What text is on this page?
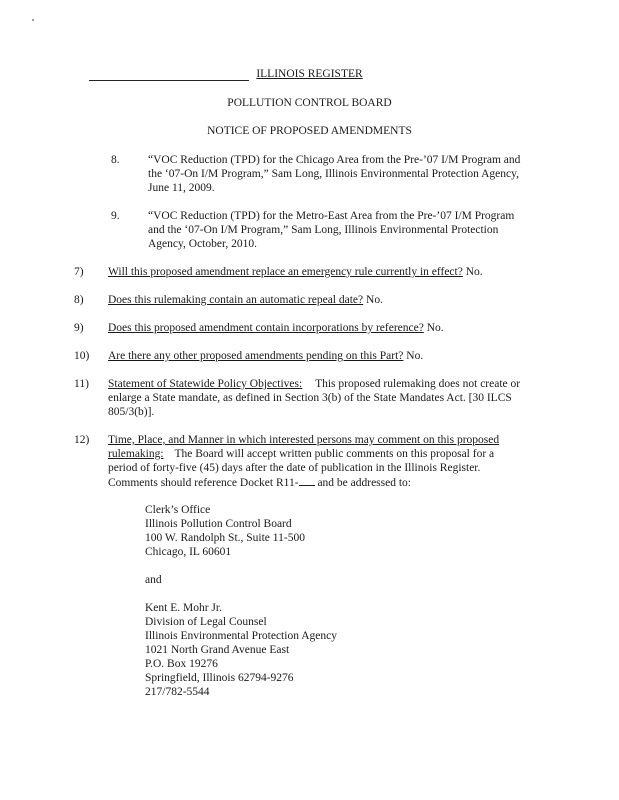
ILLINOIS REGISTER
POLLUTION CONTROL BOARD
NOTICE OF PROPOSED AMENDMENTS
8. “VOC Reduction (TPD) for the Chicago Area from the Pre-’07 I/M Program and
the ‘07-On I/M Program,” Sam Long, Illinois Environmental Protection Agency,
June 11, 2009.
9. “VOC Reduction (TPD) for the Metro-East Area from the Pre-’07 I/M Program
and the ‘07-On I/M Program,” Sam Long, Illinois Environmental Protection
Agency, October, 2010.
7) Will this proposed amendment replace an emergency rule currently in effect? No.
8) Does this rulemaking contain an automatic repeal date? No.
9) Does this proposed amendment contain incorporations by reference? No.
10) Are there any other proposed amendments pending on this Part? No.
11) Statement of Statewide Policy Objectives: This proposed rulemaking does not create or
enlarge a State mandate, as defined in Section 3(b) of the State Mandates Act. [30 ILCS
805/3(b)].
12) Time, Place, and Manner in which interested persons may comment on this proposed
rulemaking: The Board will accept written public comments on this proposal for a
period of forty-five (45) days after the date of publication in the Illinois Register.
Comments should reference Docket R11- and be addressed to:
Clerk’s Office
Illinois Pollution Control Board
100 W. Randolph St., Suite 11-500
Chicago, IL 60601
and
Kent E. Mohr Jr.
Division of Legal Counsel
Illinois Environmental Protection Agency
1021 North Grand Avenue East
P.O. Box 19276
Springfield, Illinois 62794-9276
217/782-5544
